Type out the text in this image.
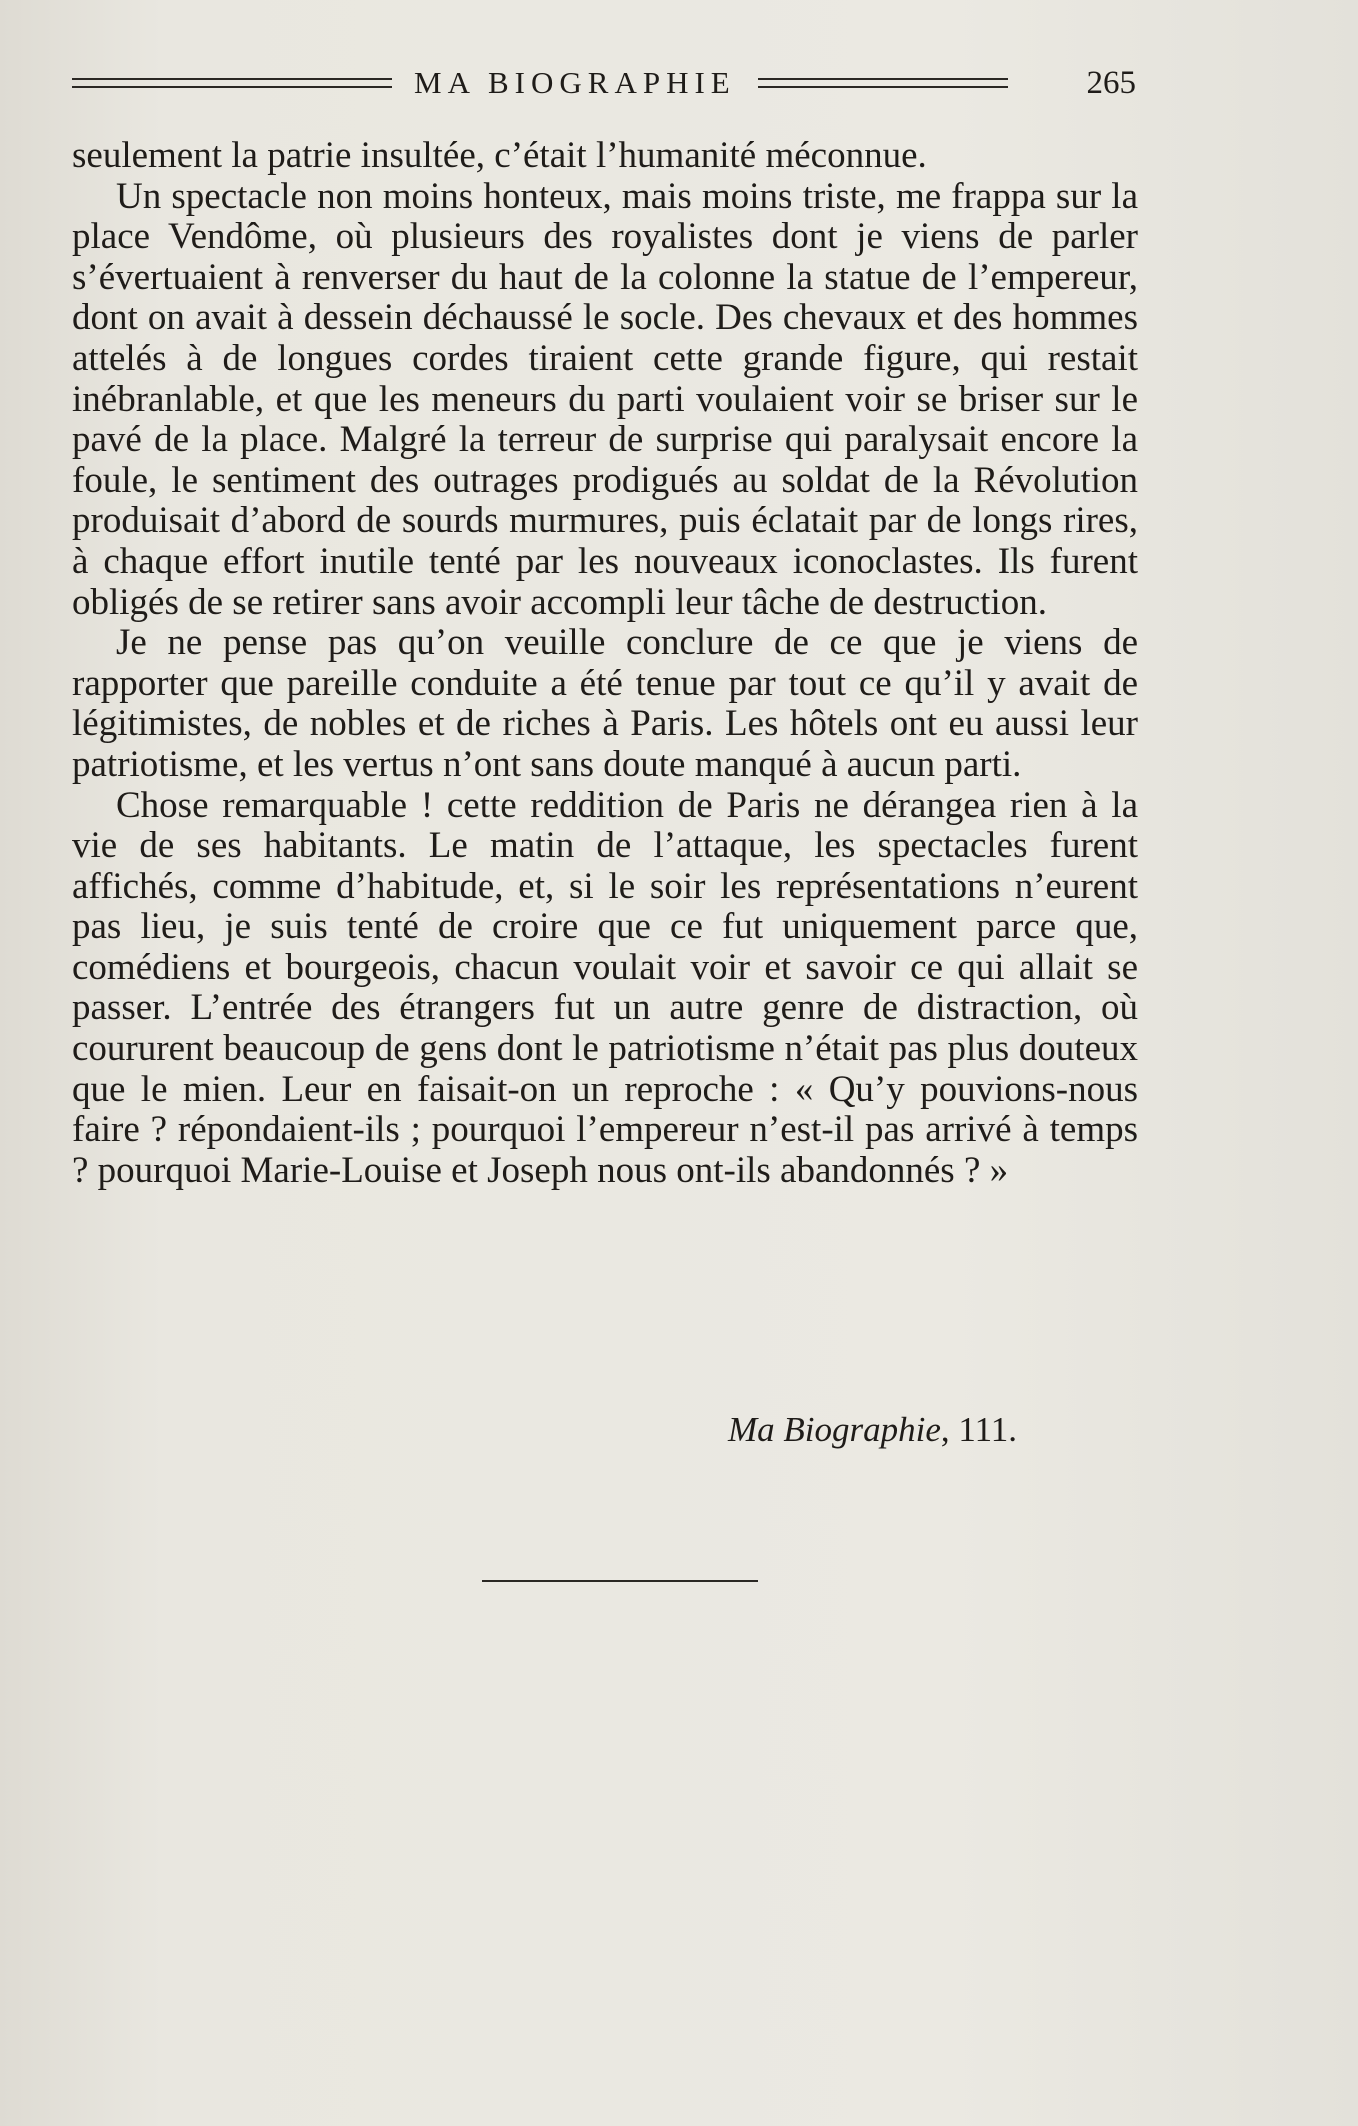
MA BIOGRAPHIE	265

seulement la patrie insultée, c’était l’humanité méconnue.

Un spectacle non moins honteux, mais moins triste, me frappa sur la place Vendôme, où plusieurs des royalistes dont je viens de parler s’évertuaient à renverser du haut de la colonne la statue de l’empereur, dont on avait à dessein déchaussé le socle. Des chevaux et des hommes attelés à de longues cordes tiraient cette grande figure, qui restait inébranlable, et que les meneurs du parti voulaient voir se briser sur le pavé de la place. Malgré la terreur de surprise qui paralysait encore la foule, le sentiment des outrages prodigués au soldat de la Révolution produisait d’abord de sourds murmures, puis éclatait par de longs rires, à chaque effort inutile tenté par les nouveaux iconoclastes. Ils furent obligés de se retirer sans avoir accompli leur tâche de destruction.

Je ne pense pas qu’on veuille conclure de ce que je viens de rapporter que pareille conduite a été tenue par tout ce qu’il y avait de légitimistes, de nobles et de riches à Paris. Les hôtels ont eu aussi leur patriotisme, et les vertus n’ont sans doute manqué à aucun parti.

Chose remarquable ! cette reddition de Paris ne dérangea rien à la vie de ses habitants. Le matin de l’attaque, les spectacles furent affichés, comme d’habitude, et, si le soir les représentations n’eurent pas lieu, je suis tenté de croire que ce fut uniquement parce que, comédiens et bourgeois, chacun voulait voir et savoir ce qui allait se passer. L’entrée des étrangers fut un autre genre de distraction, où coururent beaucoup de gens dont le patriotisme n’était pas plus douteux que le mien. Leur en faisait-on un reproche : « Qu’y pouvions-nous faire ? répondaient-ils ; pourquoi l’empereur n’est-il pas arrivé à temps ? pourquoi Marie-Louise et Joseph nous ont-ils abandonnés ? »

Ma Biographie, 111.
